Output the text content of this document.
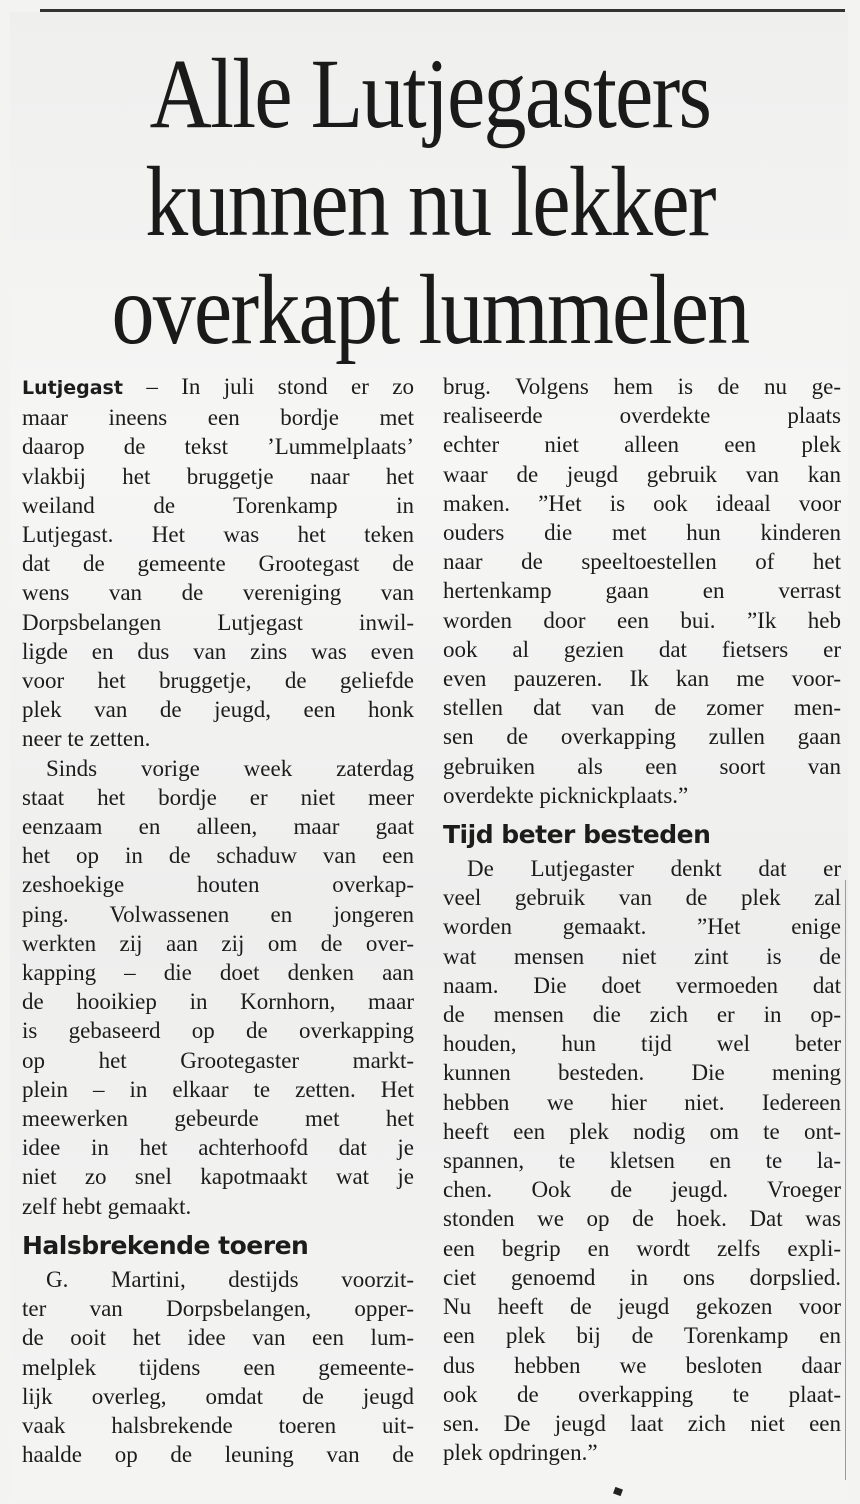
Alle Lutjegasters
kunnen nu lekker
overkapt lummelen
Lutjegast – In juli stond er zo
maar ineens een bordje met
daarop de tekst ’Lummelplaats’
vlakbij het bruggetje naar het
weiland de Torenkamp in
Lutjegast. Het was het teken
dat de gemeente Grootegast de
wens van de vereniging van
Dorpsbelangen Lutjegast inwil-
ligde en dus van zins was even
voor het bruggetje, de geliefde
plek van de jeugd, een honk
neer te zetten.
Sinds vorige week zaterdag
staat het bordje er niet meer
eenzaam en alleen, maar gaat
het op in de schaduw van een
zeshoekige houten overkap-
ping. Volwassenen en jongeren
werkten zij aan zij om de over-
kapping – die doet denken aan
de hooikiep in Kornhorn, maar
is gebaseerd op de overkapping
op het Grootegaster markt-
plein – in elkaar te zetten. Het
meewerken gebeurde met het
idee in het achterhoofd dat je
niet zo snel kapotmaakt wat je
zelf hebt gemaakt.
Halsbrekende toeren
G. Martini, destijds voorzit-
ter van Dorpsbelangen, opper-
de ooit het idee van een lum-
melplek tijdens een gemeente-
lijk overleg, omdat de jeugd
vaak halsbrekende toeren uit-
haalde op de leuning van de
brug. Volgens hem is de nu ge-
realiseerde overdekte plaats
echter niet alleen een plek
waar de jeugd gebruik van kan
maken. ”Het is ook ideaal voor
ouders die met hun kinderen
naar de speeltoestellen of het
hertenkamp gaan en verrast
worden door een bui. ”Ik heb
ook al gezien dat fietsers er
even pauzeren. Ik kan me voor-
stellen dat van de zomer men-
sen de overkapping zullen gaan
gebruiken als een soort van
overdekte picknickplaats.”
Tijd beter besteden
De Lutjegaster denkt dat er
veel gebruik van de plek zal
worden gemaakt. ”Het enige
wat mensen niet zint is de
naam. Die doet vermoeden dat
de mensen die zich er in op-
houden, hun tijd wel beter
kunnen besteden. Die mening
hebben we hier niet. Iedereen
heeft een plek nodig om te ont-
spannen, te kletsen en te la-
chen. Ook de jeugd. Vroeger
stonden we op de hoek. Dat was
een begrip en wordt zelfs expli-
ciet genoemd in ons dorpslied.
Nu heeft de jeugd gekozen voor
een plek bij de Torenkamp en
dus hebben we besloten daar
ook de overkapping te plaat-
sen. De jeugd laat zich niet een
plek opdringen.”
